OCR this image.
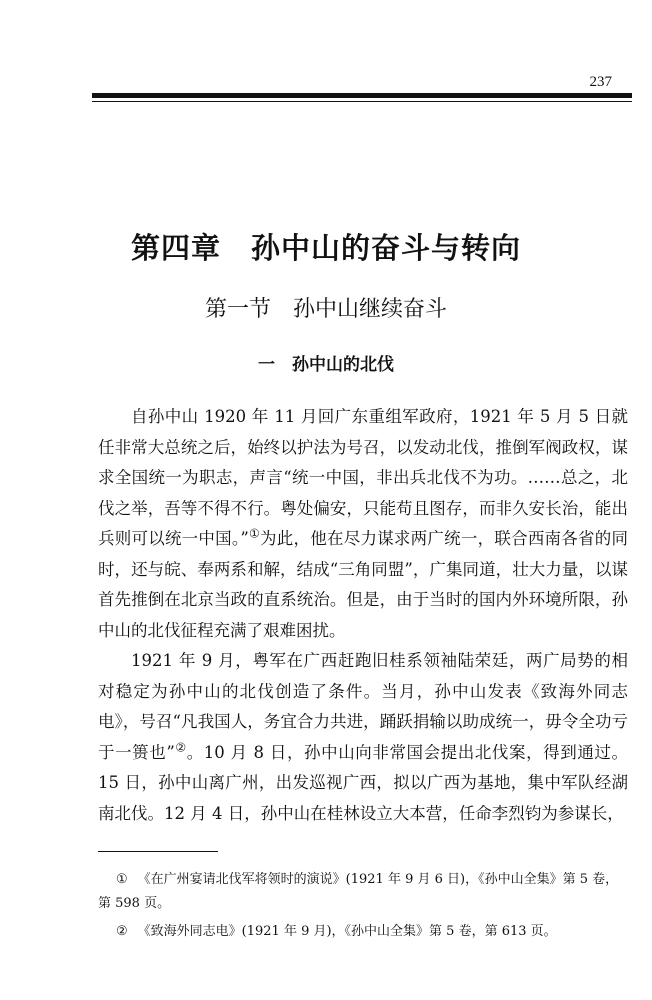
237
第四章　孙中山的奋斗与转向
第一节　孙中山继续奋斗
一　孙中山的北伐

自孙中山 1920 年 11 月回广东重组军政府，1921 年 5 月 5 日就任非常大总统之后，始终以护法为号召，以发动北伐，推倒军阀政权，谋求全国统一为职志，声言“统一中国，非出兵北伐不为功。……总之，北伐之举，吾等不得不行。粤处偏安，只能苟且图存，而非久安长治，能出兵则可以统一中国。”①为此，他在尽力谋求两广统一，联合西南各省的同时，还与皖、奉两系和解，结成“三角同盟”，广集同道，壮大力量，以谋首先推倒在北京当政的直系统治。但是，由于当时的国内外环境所限，孙中山的北伐征程充满了艰难困扰。

1921 年 9 月，粤军在广西赶跑旧桂系领袖陆荣廷，两广局势的相对稳定为孙中山的北伐创造了条件。当月，孙中山发表《致海外同志电》，号召“凡我国人，务宜合力共进，踊跃捐输以助成统一，毋令全功亏于一篑也”②。10 月 8 日，孙中山向非常国会提出北伐案，得到通过。15 日，孙中山离广州，出发巡视广西，拟以广西为基地，集中军队经湖南北伐。12 月 4 日，孙中山在桂林设立大本营，任命李烈钧为参谋长，

① 《在广州宴请北伐军将领时的演说》(1921 年 9 月 6 日)，《孙中山全集》第 5 卷，第 598 页。

② 《致海外同志电》(1921 年 9 月)，《孙中山全集》第 5 卷，第 613 页。
